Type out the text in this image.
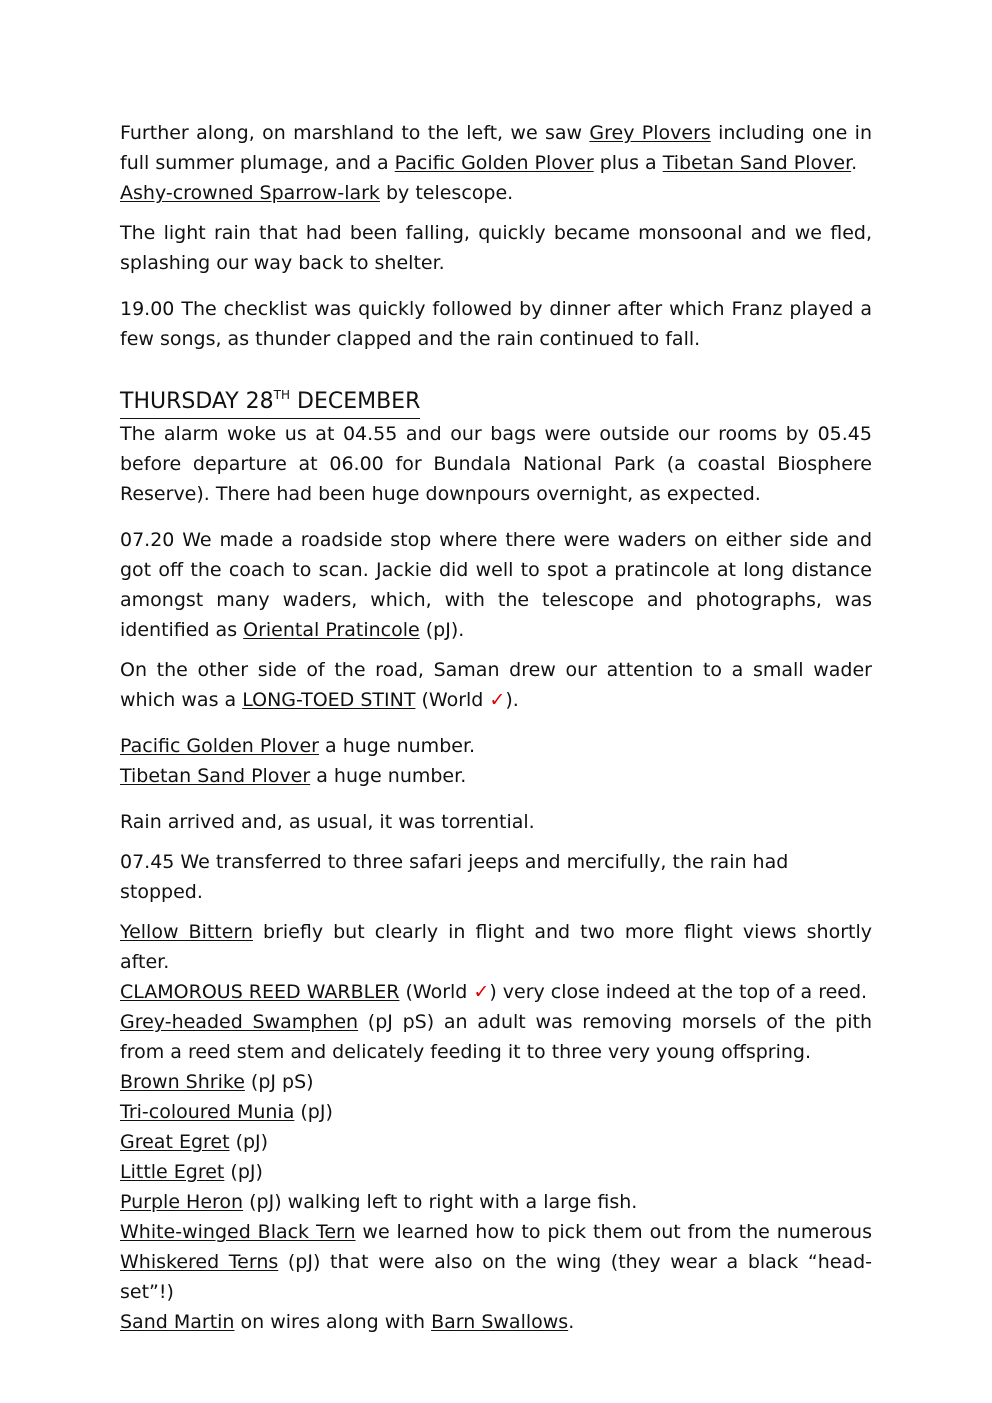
Further along, on marshland to the left, we saw Grey Plovers including one in full summer plumage, and a Pacific Golden Plover plus a Tibetan Sand Plover.
Ashy-crowned Sparrow-lark by telescope.

The light rain that had been falling, quickly became monsoonal and we fled, splashing our way back to shelter.

19.00 The checklist was quickly followed by dinner after which Franz played a few songs, as thunder clapped and the rain continued to fall.

THURSDAY 28TH DECEMBER

The alarm woke us at 04.55 and our bags were outside our rooms by 05.45 before departure at 06.00 for Bundala National Park (a coastal Biosphere Reserve). There had been huge downpours overnight, as expected.

07.20 We made a roadside stop where there were waders on either side and got off the coach to scan. Jackie did well to spot a pratincole at long distance amongst many waders, which, with the telescope and photographs, was identified as Oriental Pratincole (pJ).

On the other side of the road, Saman drew our attention to a small wader which was a LONG-TOED STINT (World ✓).

Pacific Golden Plover a huge number.
Tibetan Sand Plover a huge number.

Rain arrived and, as usual, it was torrential.

07.45 We transferred to three safari jeeps and mercifully, the rain had stopped.

Yellow Bittern briefly but clearly in flight and two more flight views shortly after.
CLAMOROUS REED WARBLER (World ✓) very close indeed at the top of a reed.
Grey-headed Swamphen (pJ pS) an adult was removing morsels of the pith from a reed stem and delicately feeding it to three very young offspring.
Brown Shrike (pJ pS)
Tri-coloured Munia (pJ)
Great Egret (pJ)
Little Egret (pJ)
Purple Heron (pJ) walking left to right with a large fish.
White-winged Black Tern we learned how to pick them out from the numerous Whiskered Terns (pJ) that were also on the wing (they wear a black “head-set”!)
Sand Martin on wires along with Barn Swallows.
